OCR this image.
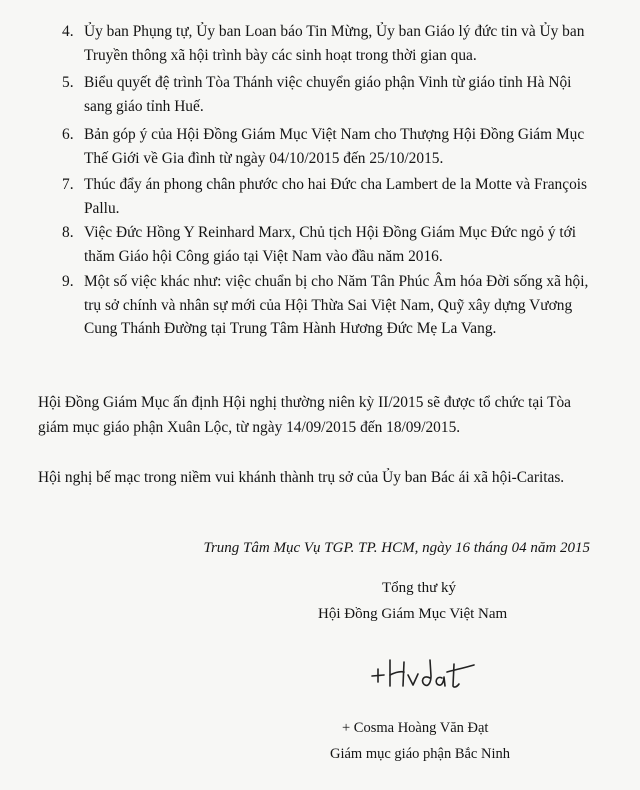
4. Ủy ban Phụng tự, Ủy ban Loan báo Tin Mừng, Ủy ban Giáo lý đức tin và Ủy ban Truyền thông xã hội trình bày các sinh hoạt trong thời gian qua.
5. Biểu quyết đệ trình Tòa Thánh việc chuyển giáo phận Vinh từ giáo tỉnh Hà Nội sang giáo tỉnh Huế.
6. Bản góp ý của Hội Đồng Giám Mục Việt Nam cho Thượng Hội Đồng Giám Mục Thế Giới về Gia đình từ ngày 04/10/2015 đến 25/10/2015.
7. Thúc đẩy án phong chân phước cho hai Đức cha Lambert de la Motte và François Pallu.
8. Việc Đức Hồng Y Reinhard Marx, Chủ tịch Hội Đồng Giám Mục Đức ngỏ ý tới thăm Giáo hội Công giáo tại Việt Nam vào đầu năm 2016.
9. Một số việc khác như: việc chuẩn bị cho Năm Tân Phúc Âm hóa Đời sống xã hội, trụ sở chính và nhân sự mới của Hội Thừa Sai Việt Nam, Quỹ xây dựng Vương Cung Thánh Đường tại Trung Tâm Hành Hương Đức Mẹ La Vang.
Hội Đồng Giám Mục ấn định Hội nghị thường niên kỳ II/2015 sẽ được tổ chức tại Tòa giám mục giáo phận Xuân Lộc, từ ngày 14/09/2015 đến 18/09/2015.
Hội nghị bế mạc trong niềm vui khánh thành trụ sở của Ủy ban Bác ái xã hội-Caritas.
Trung Tâm Mục Vụ TGP. TP. HCM, ngày 16 tháng 04 năm 2015
Tổng thư ký
Hội Đồng Giám Mục Việt Nam
+ Cosma Hoàng Văn Đạt
Giám mục giáo phận Bắc Ninh
